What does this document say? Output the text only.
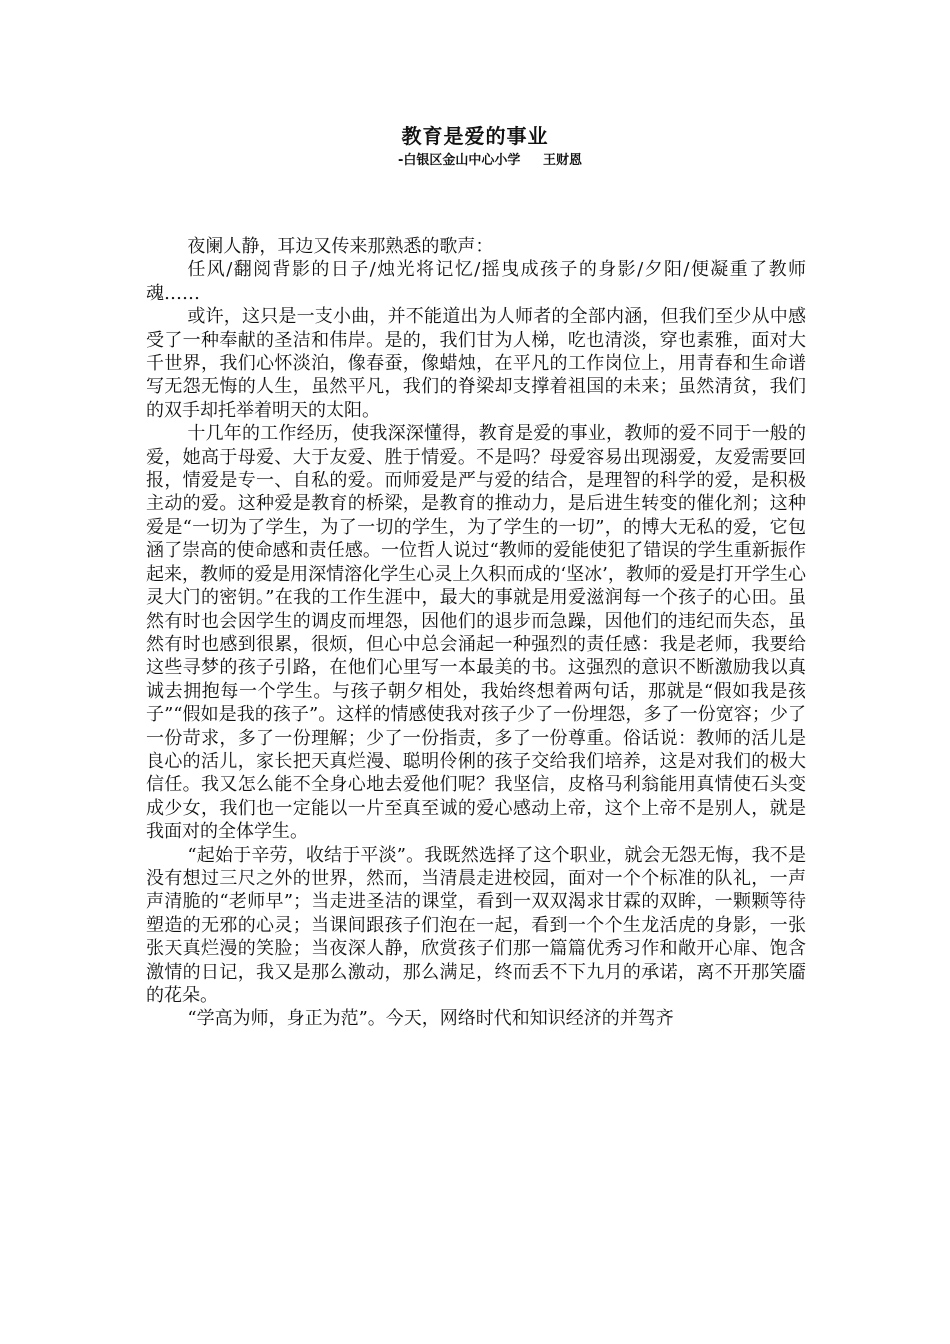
教育是爱的事业
-白银区金山中心小学     王财恩

夜阑人静，耳边又传来那熟悉的歌声：

任风/翻阅背影的日子/烛光将记忆/摇曳成孩子的身影/夕阳/便凝重了教师魂……

或许，这只是一支小曲，并不能道出为人师者的全部内涵，但我们至少从中感受了一种奉献的圣洁和伟岸。是的，我们甘为人梯，吃也清淡，穿也素雅，面对大千世界，我们心怀淡泊，像春蚕，像蜡烛，在平凡的工作岗位上，用青春和生命谱写无怨无悔的人生，虽然平凡，我们的脊梁却支撑着祖国的未来；虽然清贫，我们的双手却托举着明天的太阳。

十几年的工作经历，使我深深懂得，教育是爱的事业，教师的爱不同于一般的爱，她高于母爱、大于友爱、胜于情爱。不是吗？母爱容易出现溺爱，友爱需要回报，情爱是专一、自私的爱。而师爱是严与爱的结合，是理智的科学的爱，是积极主动的爱。这种爱是教育的桥梁，是教育的推动力，是后进生转变的催化剂；这种爱是“一切为了学生，为了一切的学生，为了学生的一切”，的博大无私的爱，它包涵了崇高的使命感和责任感。一位哲人说过“教师的爱能使犯了错误的学生重新振作起来，教师的爱是用深情溶化学生心灵上久积而成的‘坚冰’，教师的爱是打开学生心灵大门的密钥。”在我的工作生涯中，最大的事就是用爱滋润每一个孩子的心田。虽然有时也会因学生的调皮而埋怨，因他们的退步而急躁，因他们的违纪而失态，虽然有时也感到很累，很烦，但心中总会涌起一种强烈的责任感：我是老师，我要给这些寻梦的孩子引路，在他们心里写一本最美的书。这强烈的意识不断激励我以真诚去拥抱每一个学生。与孩子朝夕相处，我始终想着两句话，那就是“假如我是孩子”“假如是我的孩子”。这样的情感使我对孩子少了一份埋怨，多了一份宽容；少了一份苛求，多了一份理解；少了一份指责，多了一份尊重。俗话说：教师的活儿是良心的活儿，家长把天真烂漫、聪明伶俐的孩子交给我们培养，这是对我们的极大信任。我又怎么能不全身心地去爱他们呢？我坚信，皮格马利翁能用真情使石头变成少女，我们也一定能以一片至真至诚的爱心感动上帝，这个上帝不是别人，就是我面对的全体学生。

“起始于辛劳，收结于平淡”。我既然选择了这个职业，就会无怨无悔，我不是没有想过三尺之外的世界，然而，当清晨走进校园，面对一个个标准的队礼，一声声清脆的“老师早”；当走进圣洁的课堂，看到一双双渴求甘霖的双眸，一颗颗等待塑造的无邪的心灵；当课间跟孩子们泡在一起，看到一个个生龙活虎的身影，一张张天真烂漫的笑脸；当夜深人静，欣赏孩子们那一篇篇优秀习作和敞开心扉、饱含激情的日记，我又是那么激动，那么满足，终而丢不下九月的承诺，离不开那笑靥的花朵。

“学高为师，身正为范”。今天，网络时代和知识经济的并驾齐
